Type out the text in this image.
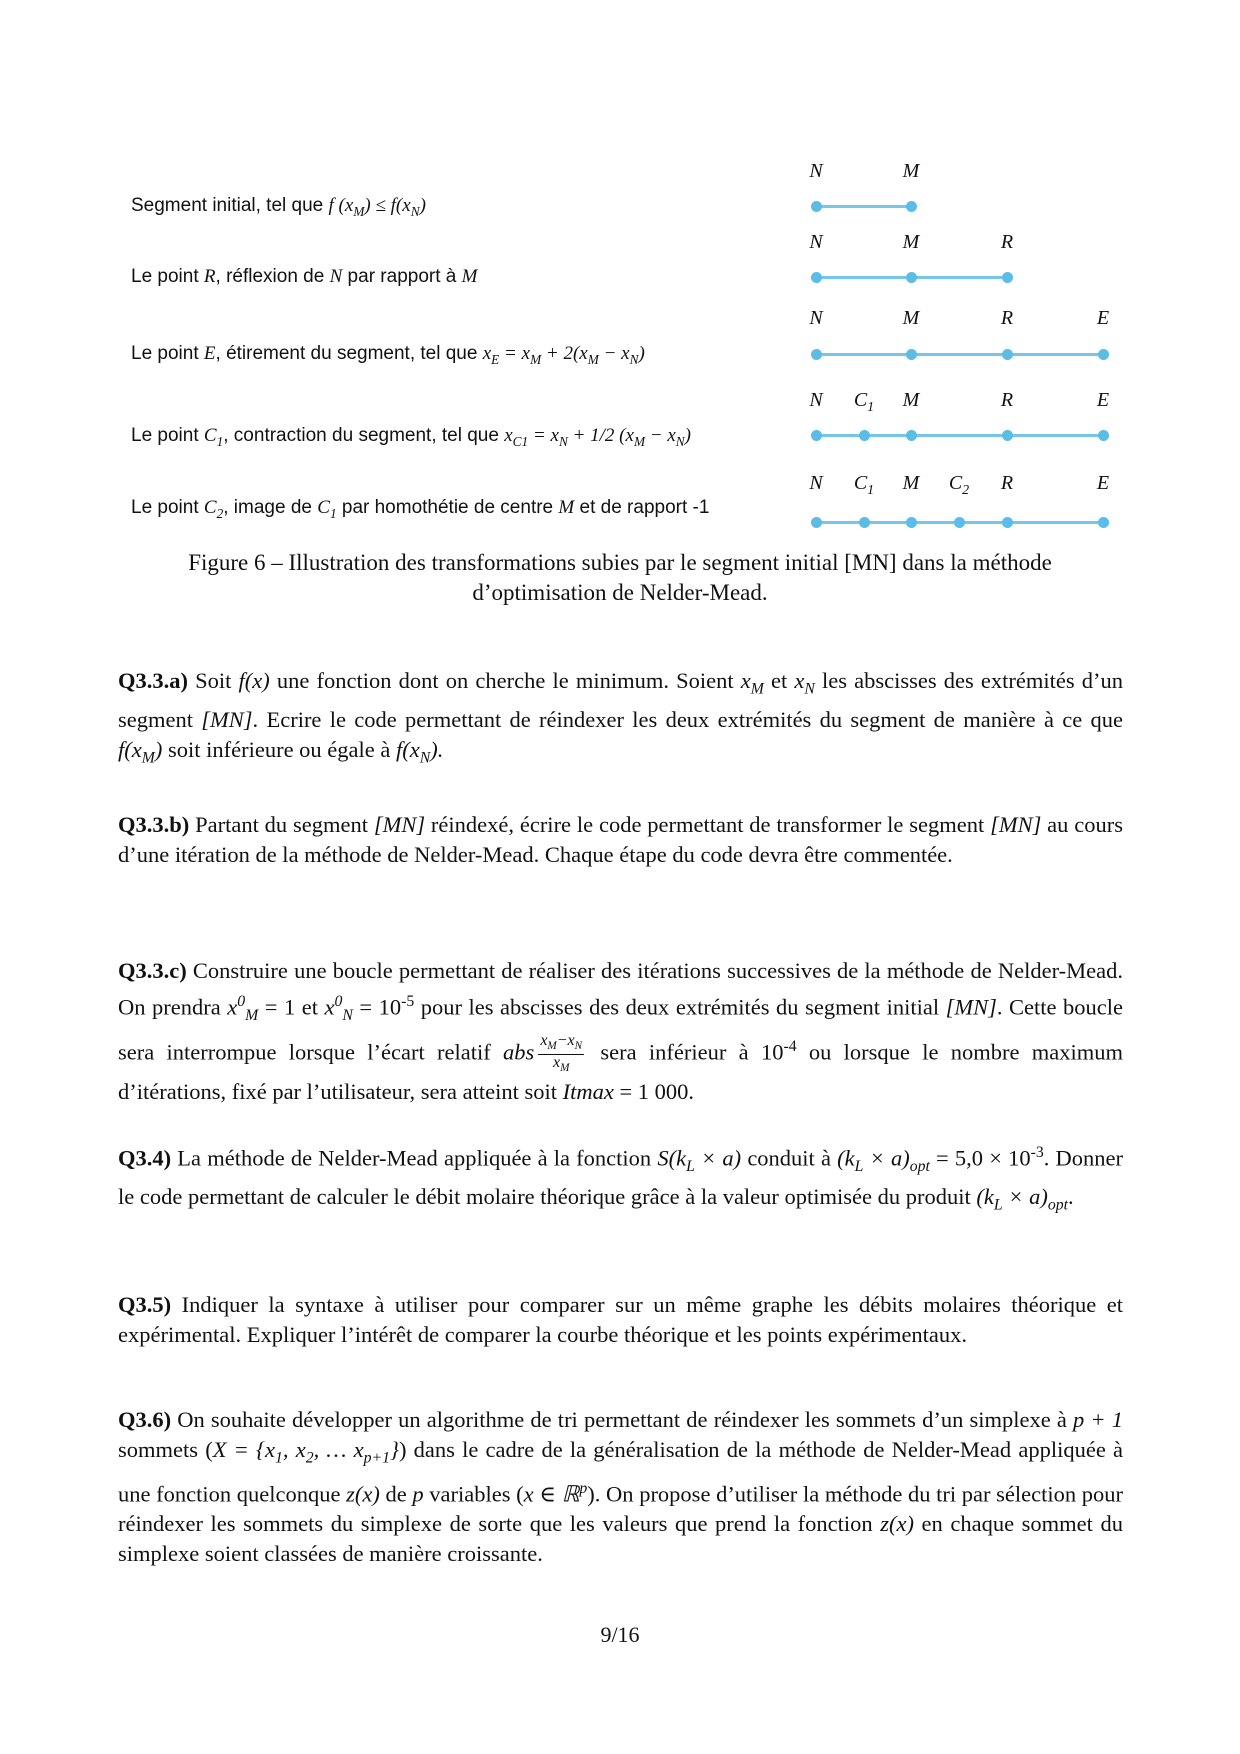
Segment initial, tel que f $(x_M) \le f(x_N)$
N	M
Le point R, réflexion de N par rapport à M
N	M	R
Le point E, étirement du segment, tel que $x_E = x_M + 2(x_M - x_N)$
N	M	R	E
Le point $C_1$, contraction du segment, tel que $x_{C1} = x_N + 1/2$ $(x_M - x_N)$
N $C_1$ M	R	E
Le point $C_2$, image de $C_1$ par homothétie de centre M et de rapport -1
N $C_1$ M $C_2$ R	E
Figure 6 – Illustration des transformations subies par le segment initial [MN] dans la méthode
d’optimisation de Nelder-Mead.
Q3.3.a) Soit f(x) une fonction dont on cherche le minimum. Soient $x_M$ et $x_N$ les abscisses des extrémités d’un segment [MN]. Ecrire le code permettant de réindexer les deux extrémités du segment de manière à ce que $f(x_M)$ soit inférieure ou égale à $f(x_N)$.
Q3.3.b) Partant du segment [MN] réindexé, écrire le code permettant de transformer le segment [MN] au cours d’une itération de la méthode de Nelder-Mead. Chaque étape du code devra être commentée.
Q3.3.c) Construire une boucle permettant de réaliser des itérations successives de la méthode de Nelder-Mead. On prendra $x^0_M = 1$ et $x^0_N = 10^{-5}$ pour les abscisses des deux extrémités du segment initial [MN]. Cette boucle sera interrompue lorsque l’écart relatif abs $\frac{x_M-x_N}{x_M}$ sera inférieur à $10^{-4}$ ou lorsque le nombre maximum d’itérations, fixé par l’utilisateur, sera atteint soit Itmax = 1 000.
Q3.4) La méthode de Nelder-Mead appliquée à la fonction $S(k_L \times a)$ conduit à $(k_L \times a)_{opt} = 5,0 \times 10^{-3}$. Donner le code permettant de calculer le débit molaire théorique grâce à la valeur optimisée du produit $(k_L \times a)_{opt}$.
Q3.5) Indiquer la syntaxe à utiliser pour comparer sur un même graphe les débits molaires théorique et expérimental. Expliquer l’intérêt de comparer la courbe théorique et les points expérimentaux.
Q3.6) On souhaite développer un algorithme de tri permettant de réindexer les sommets d’un simplexe à p + 1 sommets ($X = \{x_1$, $x_2$, … $x_{p+1}$}) dans le cadre de la généralisation de la méthode de Nelder-Mead appliquée à une fonction quelconque z(x) de p variables (x ∈ ℝ$^p$). On propose d’utiliser la méthode du tri par sélection pour réindexer les sommets du simplexe de sorte que les valeurs que prend la fonction z(x) en chaque sommet du simplexe soient classées de manière croissante.
9/16
